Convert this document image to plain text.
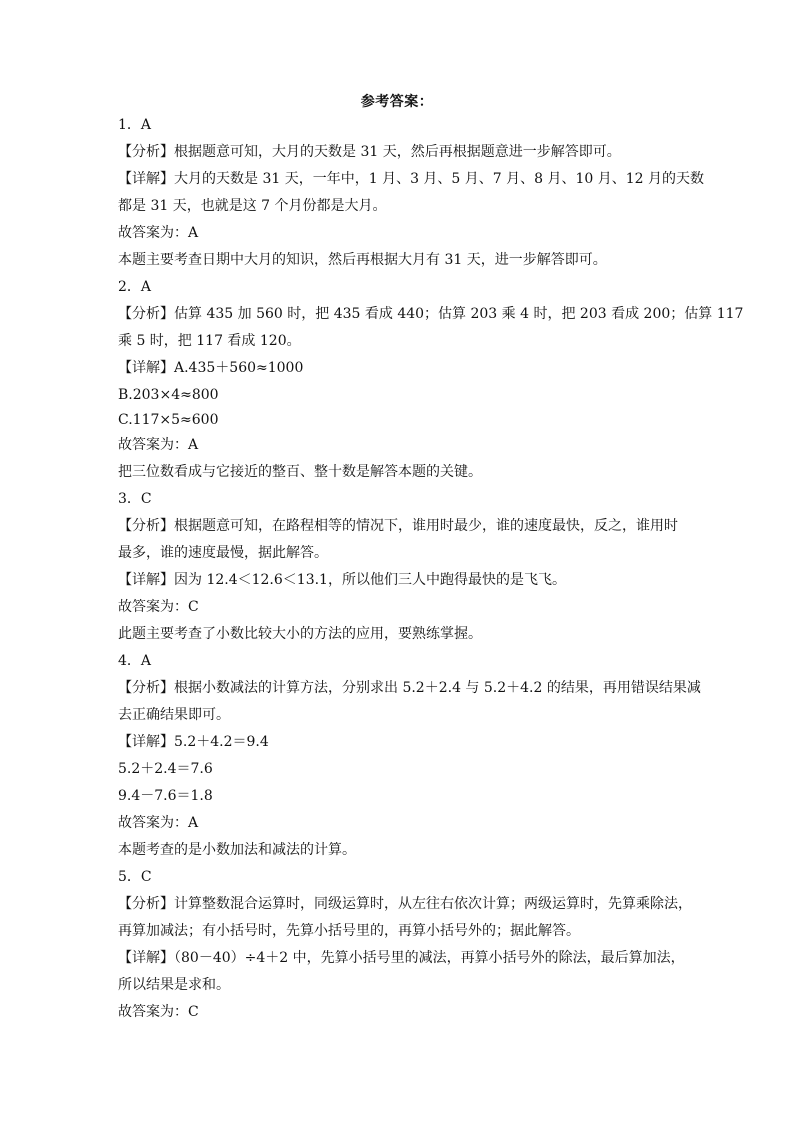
参考答案：
1．A
【分析】根据题意可知，大月的天数是 31 天，然后再根据题意进一步解答即可。
【详解】大月的天数是 31 天，一年中，1 月、3 月、5 月、7 月、8 月、10 月、12 月的天数
都是 31 天，也就是这 7 个月份都是大月。
故答案为：A
本题主要考查日期中大月的知识，然后再根据大月有 31 天，进一步解答即可。
2．A
【分析】估算 435 加 560 时，把 435 看成 440；估算 203 乘 4 时，把 203 看成 200；估算 117
乘 5 时，把 117 看成 120。
【详解】A.435＋560≈1000
B.203×4≈800
C.117×5≈600
故答案为：A
把三位数看成与它接近的整百、整十数是解答本题的关键。
3．C
【分析】根据题意可知，在路程相等的情况下，谁用时最少，谁的速度最快，反之，谁用时
最多，谁的速度最慢，据此解答。
【详解】因为 12.4＜12.6＜13.1，所以他们三人中跑得最快的是飞飞。
故答案为：C
此题主要考查了小数比较大小的方法的应用，要熟练掌握。
4．A
【分析】根据小数减法的计算方法，分别求出 5.2＋2.4 与 5.2＋4.2 的结果，再用错误结果减
去正确结果即可。
【详解】5.2＋4.2＝9.4
5.2＋2.4＝7.6
9.4－7.6＝1.8
故答案为：A
本题考查的是小数加法和减法的计算。
5．C
【分析】计算整数混合运算时，同级运算时，从左往右依次计算；两级运算时，先算乘除法，
再算加减法；有小括号时，先算小括号里的，再算小括号外的；据此解答。
【详解】（80－40）÷4＋2 中，先算小括号里的减法，再算小括号外的除法，最后算加法，
所以结果是求和。
故答案为：C
